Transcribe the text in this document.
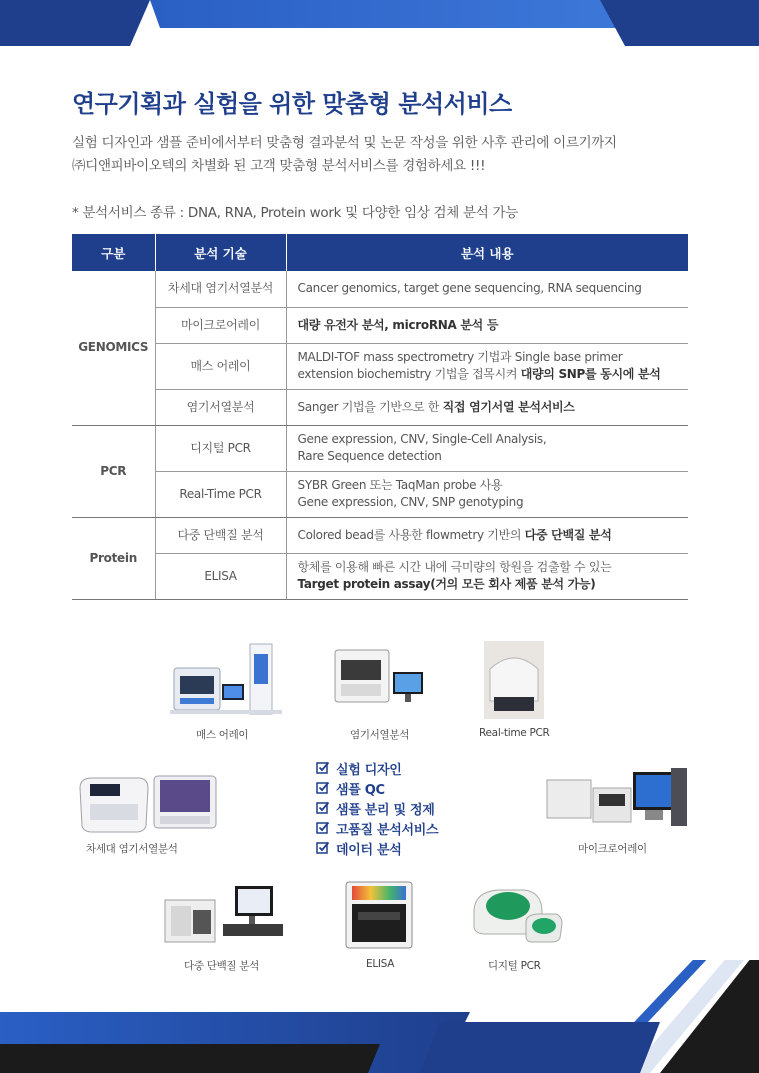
연구기획과 실험을 위한 맞춤형 분석서비스
실험 디자인과 샘플 준비에서부터 맞춤형 결과분석 및 논문 작성을 위한 사후 관리에 이르기까지
㈜디앤피바이오텍의 차별화 된 고객 맞춤형 분석서비스를 경험하세요 !!!
* 분석서비스 종류 : DNA, RNA, Protein work 및 다양한 임상 검체 분석 가능
구분	분석 기술	분석 내용
GENOMICS	차세대 염기서열분석	Cancer genomics, target gene sequencing, RNA sequencing
	마이크로어레이	대량 유전자 분석, microRNA 분석 등
	매스 어레이	MALDI-TOF mass spectrometry 기법과 Single base primer
extension biochemistry 기법을 접목시켜 대량의 SNP를 동시에 분석
	염기서열분석	Sanger 기법을 기반으로 한 직접 염기서열 분석서비스
PCR	디지털 PCR	Gene expression, CNV, Single-Cell Analysis,
Rare Sequence detection
	Real-Time PCR	SYBR Green 또는 TaqMan probe 사용
Gene expression, CNV, SNP genotyping
Protein	다중 단백질 분석	Colored bead를 사용한 flowmetry 기반의 다중 단백질 분석
	ELISA	항체를 이용해 빠른 시간 내에 극미량의 항원을 검출할 수 있는
Target protein assay(거의 모든 회사 제품 분석 가능)
매스 어레이	염기서열분석	Real-time PCR
차세대 염기서열분석
실험 디자인
샘플 QC
샘플 분리 및 정제
고품질 분석서비스
데이터 분석	마이크로어레이
다중 단백질 분석	ELISA	디지털 PCR
